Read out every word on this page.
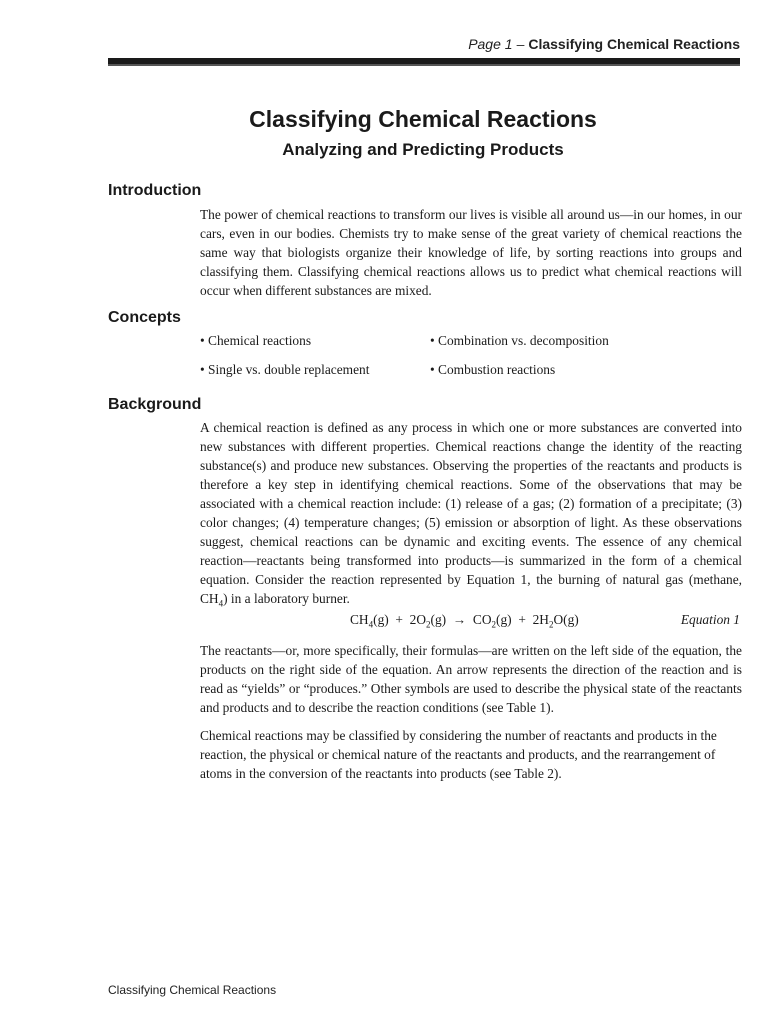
Page 1 – Classifying Chemical Reactions
Classifying Chemical Reactions
Analyzing and Predicting Products
Introduction

The power of chemical reactions to transform our lives is visible all around us—in our homes, in our cars, even in our bodies. Chemists try to make sense of the great variety of chemical reactions the same way that biologists organize their knowledge of life, by sorting reactions into groups and classifying them. Classifying chemical reactions allows us to predict what chemical reactions will occur when different substances are mixed.

Concepts
• Chemical reactions	• Combination vs. decomposition
• Single vs. double replacement	• Combustion reactions
Background

A chemical reaction is defined as any process in which one or more substances are converted into new substances with different properties. Chemical reactions change the identity of the reacting substance(s) and produce new substances. Observing the properties of the reactants and products is therefore a key step in identifying chemical reactions. Some of the observations that may be associated with a chemical reaction include: (1) release of a gas; (2) formation of a precipitate; (3) color changes; (4) temperature changes; (5) emission or absorption of light. As these observations suggest, chemical reactions can be dynamic and exciting events. The essence of any chemical reaction—reactants being transformed into products—is summarized in the form of a chemical equation. Consider the reaction represented by Equation 1, the burning of natural gas (methane, $CH_4$) in a laboratory burner.

$CH_4(g) + 2O_2(g) \to CO_2(g) + 2H_2O(g)$	Equation 1

The reactants—or, more specifically, their formulas—are written on the left side of the equation, the products on the right side of the equation. An arrow represents the direction of the reaction and is read as “yields” or “produces.” Other symbols are used to describe the physical state of the reactants and products and to describe the reaction conditions (see Table 1).

Chemical reactions may be classified by considering the number of reactants and products in the reaction, the physical or chemical nature of the reactants and products, and the rearrangement of atoms in the conversion of the reactants into products (see Table 2).

Classifying Chemical Reactions
